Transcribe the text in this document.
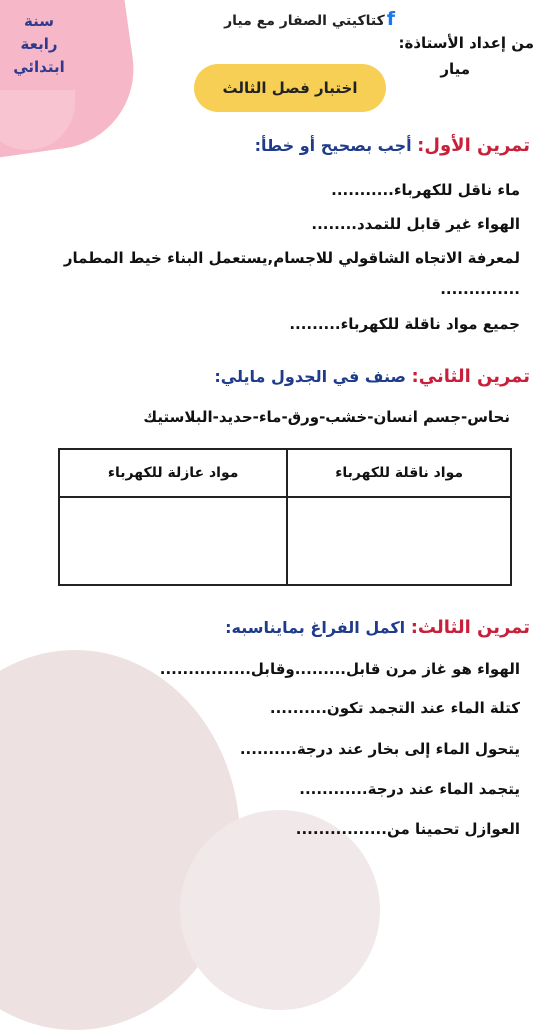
سنة
رابعة
ابتدائي
fكتاكيتي الصفار مع ميار
من إعداد الأستاذة:
ميار
اختبار فصل الثالث
تمرين الأول: أجب بصحيح أو خطأ:
ماء ناقل للكهرباء...........
الهواء غير قابل للتمدد........
لمعرفة الاتجاه الشاقولي للاجسام,يستعمل البناء خيط المطمار
..............
جميع مواد ناقلة للكهرباء.........
تمرين الثاني: صنف في الجدول مايلي:
نحاس-جسم انسان-خشب-ورق-ماء-حديد-البلاستيك
مواد ناقلة للكهرباء	مواد عازلة للكهرباء

تمرين الثالث: اكمل الفراغ بمايناسبه:
الهواء هو غاز مرن قابل.........وقابل................
كتلة الماء عند التجمد تكون..........
يتحول الماء إلى بخار عند درجة..........
يتجمد الماء عند درجة............
العوازل تحمينا من................
